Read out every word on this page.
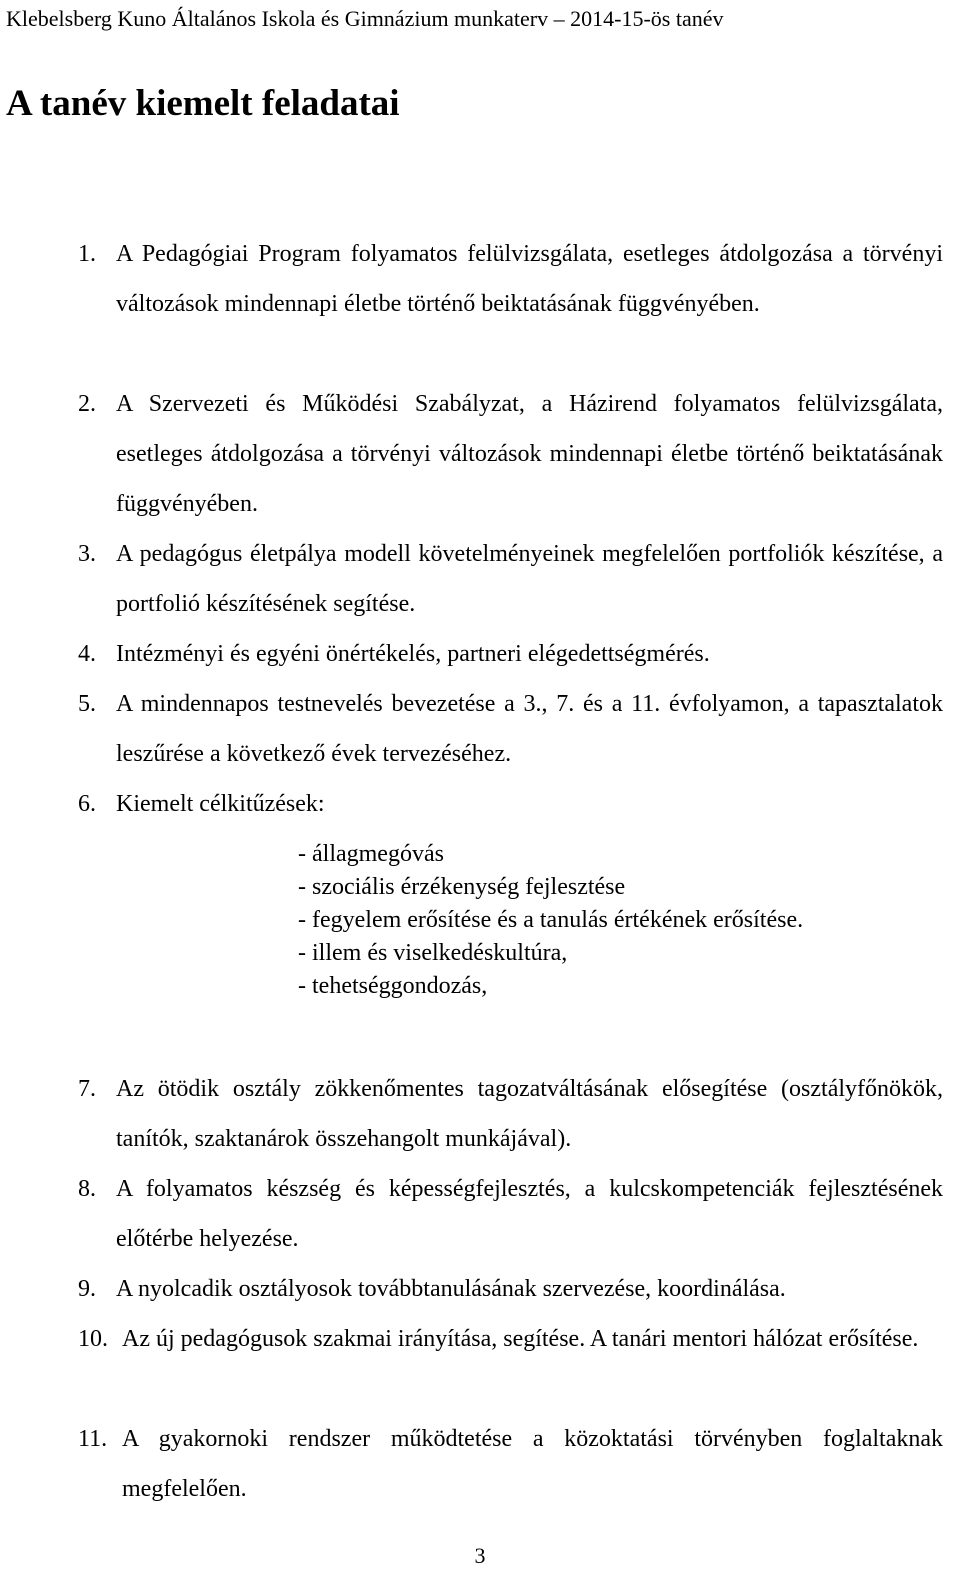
Klebelsberg Kuno Általános Iskola és Gimnázium munkaterv – 2014-15-ös tanév
A tanév kiemelt feladatai
1. A Pedagógiai Program folyamatos felülvizsgálata, esetleges átdolgozása a törvényi változások mindennapi életbe történő beiktatásának függvényében.
2. A Szervezeti és Működési Szabályzat, a Házirend folyamatos felülvizsgálata, esetleges átdolgozása a törvényi változások mindennapi életbe történő beiktatásának függvényében.
3. A pedagógus életpálya modell követelményeinek megfelelően portfoliók készítése, a portfolió készítésének segítése.
4. Intézményi és egyéni önértékelés, partneri elégedettségmérés.
5. A mindennapos testnevelés bevezetése a 3., 7. és a 11. évfolyamon, a tapasztalatok leszűrése a következő évek tervezéséhez.
6. Kiemelt célkitűzések:
- állagmegóvás
- szociális érzékenység fejlesztése
- fegyelem erősítése és a tanulás értékének erősítése.
- illem és viselkedéskultúra,
- tehetséggondozás,
7. Az ötödik osztály zökkenőmentes tagozatváltásának elősegítése (osztályfőnökök, tanítók, szaktanárok összehangolt munkájával).
8. A folyamatos készség és képességfejlesztés, a kulcskompetenciák fejlesztésének előtérbe helyezése.
9. A nyolcadik osztályosok továbbtanulásának szervezése, koordinálása.
10. Az új pedagógusok szakmai irányítása, segítése. A tanári mentori hálózat erősítése.
11. A gyakornoki rendszer működtetése a közoktatási törvényben foglaltaknak megfelelően.
3
